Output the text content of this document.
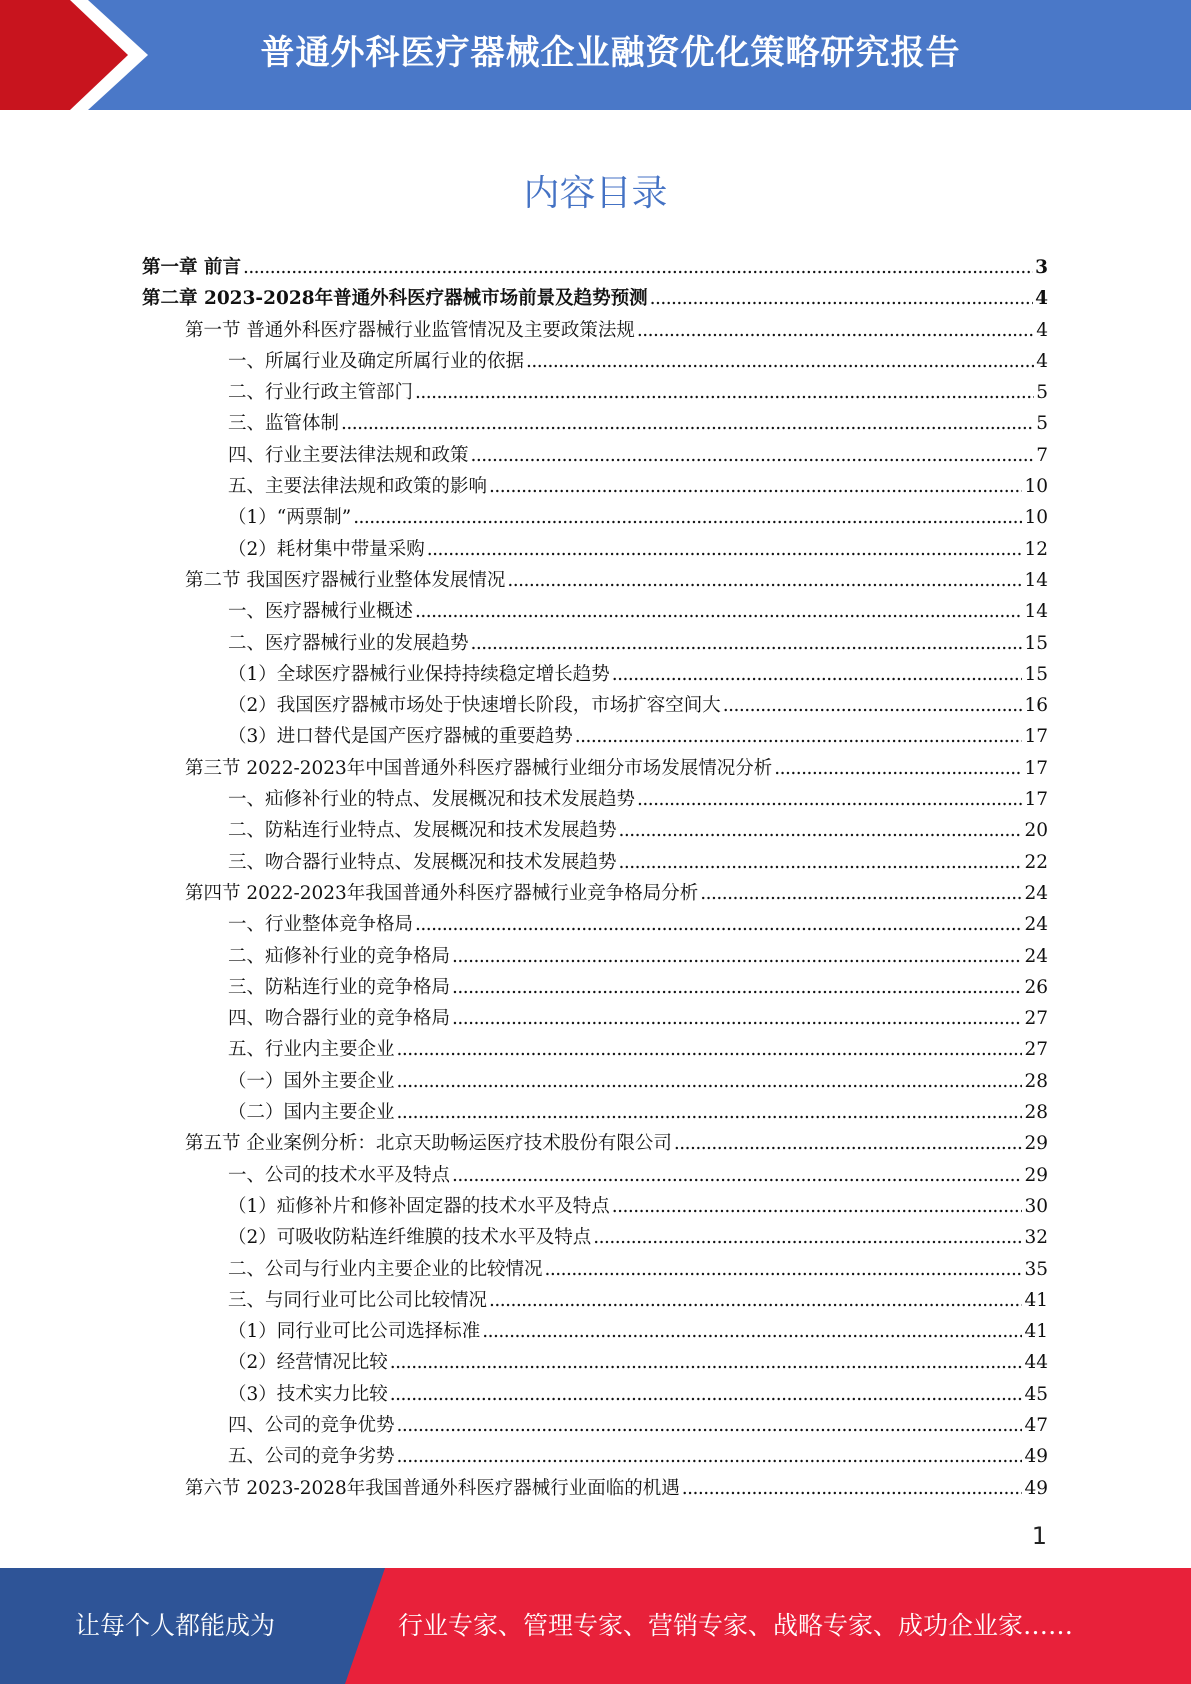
普通外科医疗器械企业融资优化策略研究报告
内容目录
第一章 前言 . . .	3
第二章 2023-2028年普通外科医疗器械市场前景及趋势预测 . . .	4
第一节 普通外科医疗器械行业监管情况及主要政策法规 . . .	4
一、所属行业及确定所属行业的依据 . . .	4
二、行业行政主管部门 . . .	5
三、监管体制 . . .	5
四、行业主要法律法规和政策 . . .	7
五、主要法律法规和政策的影响 . . .	10
（1）“两票制” . . .	10
（2）耗材集中带量采购 . . .	12
第二节 我国医疗器械行业整体发展情况 . . .	14
一、医疗器械行业概述 . . .	14
二、医疗器械行业的发展趋势 . . .	15
（1）全球医疗器械行业保持持续稳定增长趋势 . . .	15
（2）我国医疗器械市场处于快速增长阶段，市场扩容空间大 . . .	16
（3）进口替代是国产医疗器械的重要趋势 . . .	17
第三节 2022-2023年中国普通外科医疗器械行业细分市场发展情况分析 . . .	17
一、疝修补行业的特点、发展概况和技术发展趋势 . . .	17
二、防粘连行业特点、发展概况和技术发展趋势 . . .	20
三、吻合器行业特点、发展概况和技术发展趋势 . . .	22
第四节 2022-2023年我国普通外科医疗器械行业竞争格局分析 . . .	24
一、行业整体竞争格局 . . .	24
二、疝修补行业的竞争格局 . . .	24
三、防粘连行业的竞争格局 . . .	26
四、吻合器行业的竞争格局 . . .	27
五、行业内主要企业 . . .	27
（一）国外主要企业 . . .	28
（二）国内主要企业 . . .	28
第五节 企业案例分析：北京天助畅运医疗技术股份有限公司 . . .	29
一、公司的技术水平及特点 . . .	29
（1）疝修补片和修补固定器的技术水平及特点 . . .	30
（2）可吸收防粘连纤维膜的技术水平及特点 . . .	32
二、公司与行业内主要企业的比较情况 . . .	35
三、与同行业可比公司比较情况 . . .	41
（1）同行业可比公司选择标准 . . .	41
（2）经营情况比较 . . .	44
（3）技术实力比较 . . .	45
四、公司的竞争优势 . . .	47
五、公司的竞争劣势 . . .	49
第六节 2023-2028年我国普通外科医疗器械行业面临的机遇 . . .	49
1
让每个人都能成为	行业专家、管理专家、营销专家、战略专家、成功企业家……
